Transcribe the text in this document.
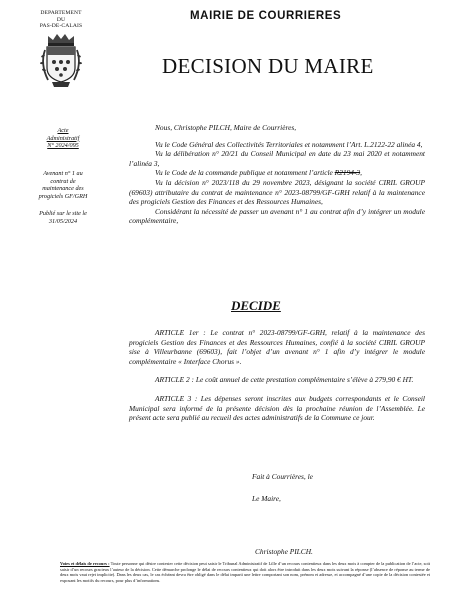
DEPARTEMENT
DU
PAS-DE-CALAIS
MAIRIE DE COURRIERES
DECISION DU MAIRE
Acte
Administratif
N° 2024/095
Avenant n° 1 au
contrat de
maintenance des
progiciels GF/GRH
Publié sur le site le
31/05/2024

Nous, Christophe PILCH, Maire de Courrières,

Vu le Code Général des Collectivités Territoriales et notamment l’Art. L.2122-22 alinéa 4,

Vu la délibération n° 20/21 du Conseil Municipal en date du 23 mai 2020 et notamment l’alinéa 3,

Vu le Code de la commande publique et notamment l’article R2194-3,

Vu la décision n° 2023/118 du 29 novembre 2023, désignant la société CIRIL GROUP (69603) attributaire du contrat de maintenance n° 2023-08799/GF-GRH relatif à la maintenance des progiciels Gestion des Finances et des Ressources Humaines,

Considérant la nécessité de passer un avenant n° 1 au contrat afin d’y intégrer un module complémentaire,

DECIDE

ARTICLE 1er : Le contrat n° 2023-08799/GF-GRH, relatif à la maintenance des progiciels Gestion des Finances et des Ressources Humaines, confié à la société CIRIL GROUP sise à Villeurbanne (69603), fait l’objet d’un avenant n° 1 afin d’y intégrer le module complémentaire « Interface Chorus ».

ARTICLE 2 : Le coût annuel de cette prestation complémentaire s’élève à 279,90 € HT.

ARTICLE 3 : Les dépenses seront inscrites aux budgets correspondants et le Conseil Municipal sera informé de la présente décision dès la prochaine réunion de l’Assemblée. Le présent acte sera publié au recueil des actes administratifs de la Commune ce jour.

Fait à Courrières, le
Le Maire,
Christophe PILCH.
Voies et délais de recours : Toute personne qui désire contester cette décision peut saisir le Tribunal Administratif de Lille d’un recours contentieux dans les deux mois à compter de la publication de l’acte, soit saisir d’un recours gracieux l’auteur de la décision. Cette démarche prolonge le délai de recours contentieux qui doit alors être introduit dans les deux mois suivant la réponse (l’absence de réponse au terme de deux mois vaut rejet implicite). Dans les deux cas, le cas échéant devra être obligé dans le délai imparti une lettre comportant son nom, prénom et adresse, et accompagné d’une copie de la décision contestée et exposant les motifs du recours, pour plus d’informations.
